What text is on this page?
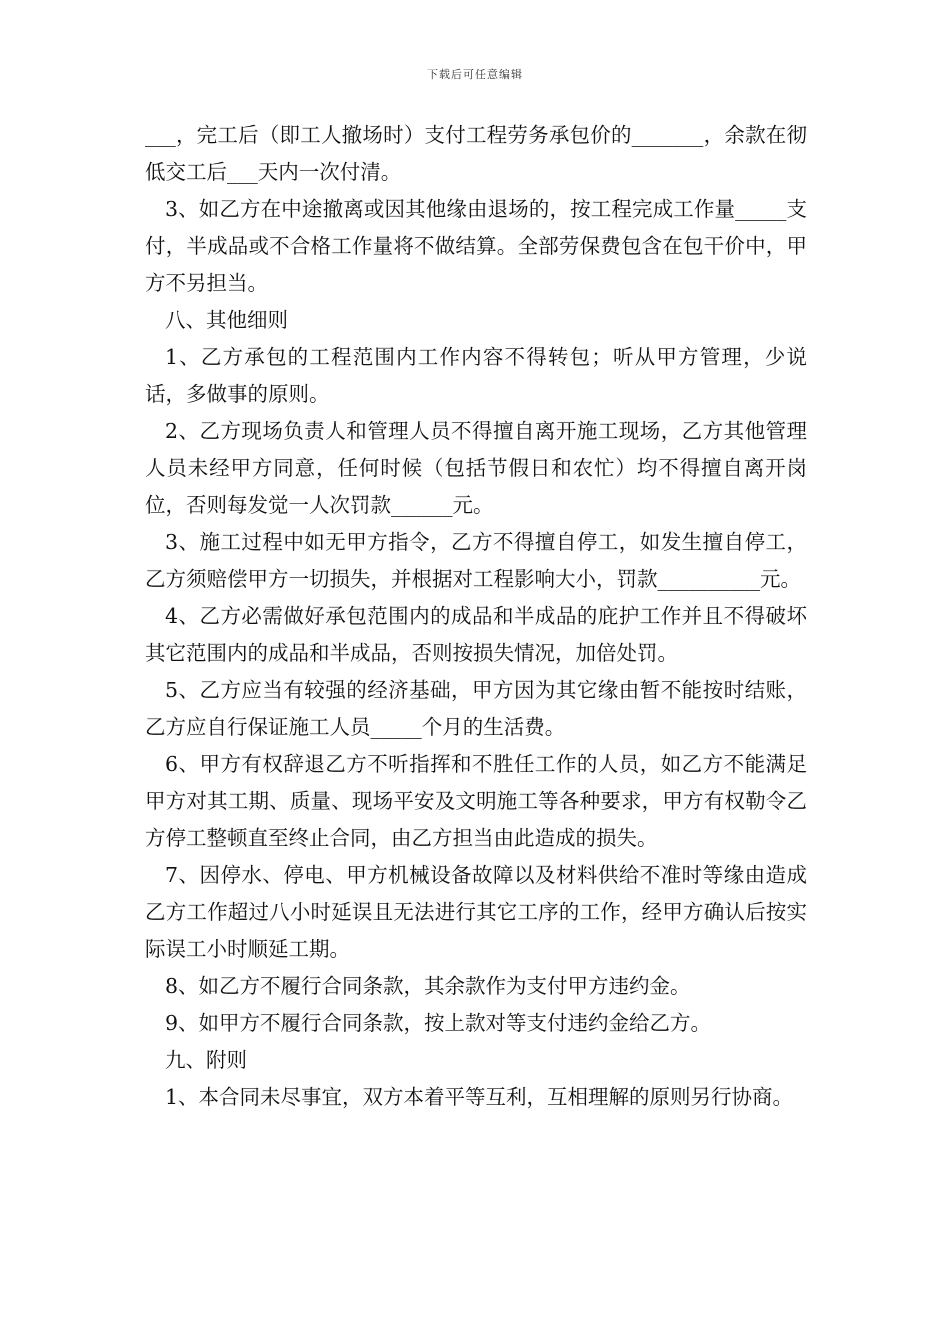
下载后可任意编辑

___，完工后（即工人撤场时）支付工程劳务承包价的_______，余款在彻低交工后___天内一次付清。

3、如乙方在中途撤离或因其他缘由退场的，按工程完成工作量_____支付，半成品或不合格工作量将不做结算。全部劳保费包含在包干价中，甲方不另担当。

八、其他细则

1、乙方承包的工程范围内工作内容不得转包；听从甲方管理，少说话，多做事的原则。

2、乙方现场负责人和管理人员不得擅自离开施工现场，乙方其他管理人员未经甲方同意，任何时候（包括节假日和农忙）均不得擅自离开岗位，否则每发觉一人次罚款______元。

3、施工过程中如无甲方指令，乙方不得擅自停工，如发生擅自停工，乙方须赔偿甲方一切损失，并根据对工程影响大小，罚款__________元。

4、乙方必需做好承包范围内的成品和半成品的庇护工作并且不得破坏其它范围内的成品和半成品，否则按损失情况，加倍处罚。

5、乙方应当有较强的经济基础，甲方因为其它缘由暂不能按时结账，乙方应自行保证施工人员_____个月的生活费。

6、甲方有权辞退乙方不听指挥和不胜任工作的人员，如乙方不能满足甲方对其工期、质量、现场平安及文明施工等各种要求，甲方有权勒令乙方停工整顿直至终止合同，由乙方担当由此造成的损失。

7、因停水、停电、甲方机械设备故障以及材料供给不准时等缘由造成乙方工作超过八小时延误且无法进行其它工序的工作，经甲方确认后按实际误工小时顺延工期。

8、如乙方不履行合同条款，其余款作为支付甲方违约金。

9、如甲方不履行合同条款，按上款对等支付违约金给乙方。

九、附则

1、本合同未尽事宜，双方本着平等互利，互相理解的原则另行协商。
